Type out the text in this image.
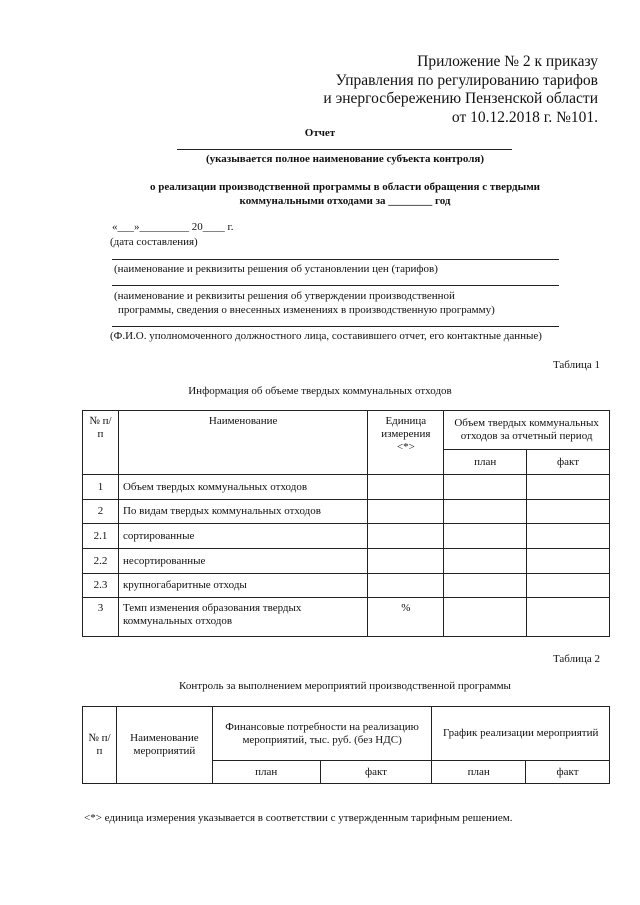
Приложение № 2 к приказу
Управления по регулированию тарифов
и энергосбережению Пензенской области
от 10.12.2018 г. №101.
Отчет
(указывается полное наименование субъекта контроля)
о реализации производственной программы в области обращения с твердыми
коммунальными отходами за ________ год
«___»_________ 20____ г.
(дата составления)
(наименование и реквизиты решения об установлении цен (тарифов)
(наименование и реквизиты решения об утверждении производственной
программы, сведения о внесенных изменениях в производственную программу)
(Ф.И.О. уполномоченного должностного лица, составившего отчет, его контактные данные)
Таблица 1
Информация об объеме твердых коммунальных отходов
№ п/п	Наименование	Единица измерения <*>	Объем твердых коммунальных отходов за отчетный период	
			план	факт
1	Объем твердых коммунальных отходов			
2	По видам твердых коммунальных отходов			
2.1	сортированные			
2.2	несортированные			
2.3	крупногабаритные отходы			
3	Темп изменения образования твердых коммунальных отходов	%		
Таблица 2
Контроль за выполнением мероприятий производственной программы
№ п/п	Наименование мероприятий	Финансовые потребности на реализацию мероприятий, тыс. руб. (без НДС)		График реализации мероприятий	
		план	факт	план	факт
<*> единица измерения указывается в соответствии с утвержденным тарифным решением.
